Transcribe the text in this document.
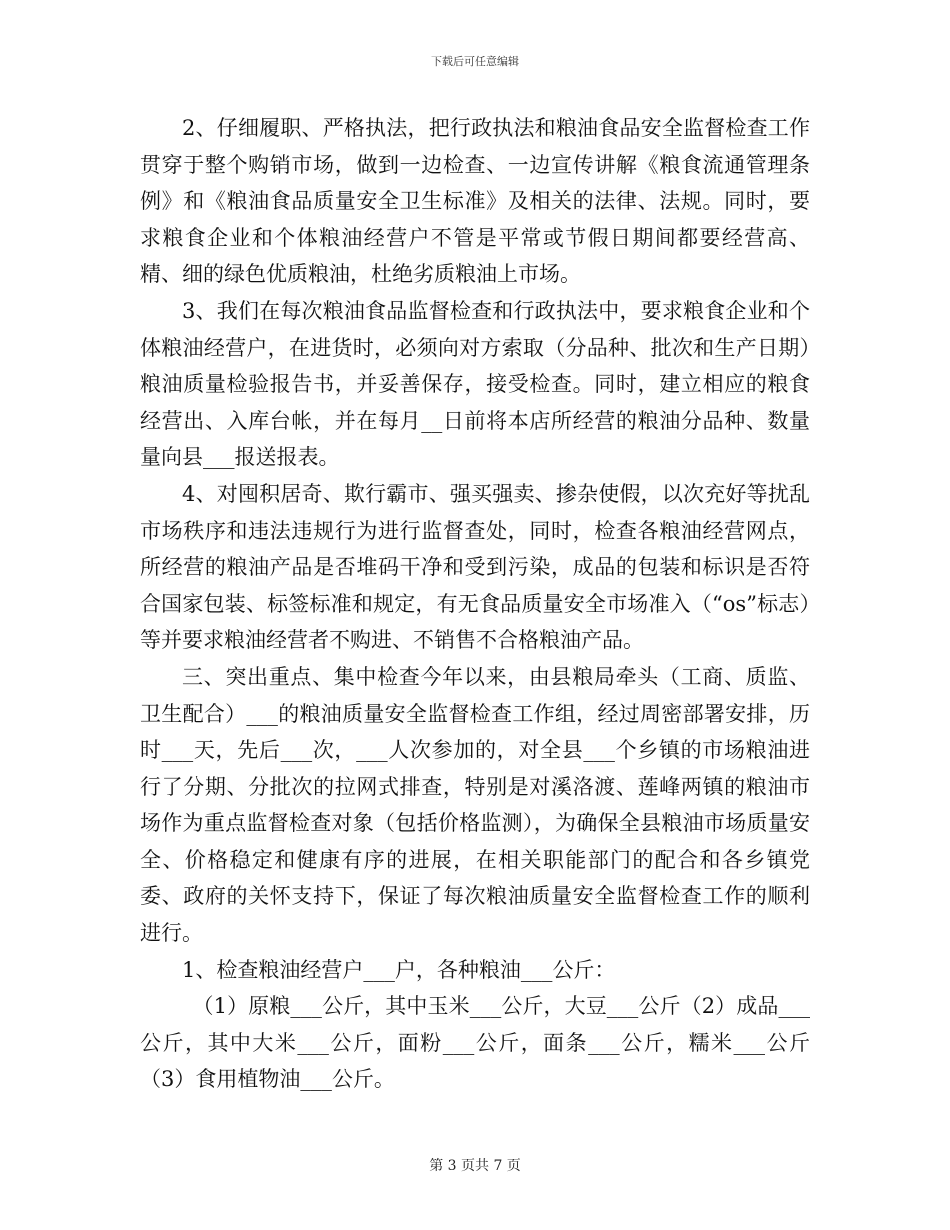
下载后可任意编辑

2、仔细履职、严格执法，把行政执法和粮油食品安全监督检查工作贯穿于整个购销市场，做到一边检查、一边宣传讲解《粮食流通管理条例》和《粮油食品质量安全卫生标准》及相关的法律、法规。同时，要求粮食企业和个体粮油经营户不管是平常或节假日期间都要经营高、精、细的绿色优质粮油，杜绝劣质粮油上市场。

3、我们在每次粮油食品监督检查和行政执法中，要求粮食企业和个体粮油经营户，在进货时，必须向对方索取（分品种、批次和生产日期）粮油质量检验报告书，并妥善保存，接受检查。同时，建立相应的粮食经营出、入库台帐，并在每月__日前将本店所经营的粮油分品种、数量量向县___报送报表。

4、对囤积居奇、欺行霸市、强买强卖、掺杂使假，以次充好等扰乱市场秩序和违法违规行为进行监督查处，同时，检查各粮油经营网点，所经营的粮油产品是否堆码干净和受到污染，成品的包装和标识是否符合国家包装、标签标准和规定，有无食品质量安全市场准入（“os”标志）等并要求粮油经营者不购进、不销售不合格粮油产品。

三、突出重点、集中检查今年以来，由县粮局牵头（工商、质监、卫生配合）___的粮油质量安全监督检查工作组，经过周密部署安排，历时___天，先后___次，___人次参加的，对全县___个乡镇的市场粮油进行了分期、分批次的拉网式排查，特别是对溪洛渡、莲峰两镇的粮油市场作为重点监督检查对象（包括价格监测），为确保全县粮油市场质量安全、价格稳定和健康有序的进展，在相关职能部门的配合和各乡镇党委、政府的关怀支持下，保证了每次粮油质量安全监督检查工作的顺利进行。

1、检查粮油经营户___户，各种粮油___公斤：

（1）原粮___公斤，其中玉米___公斤，大豆___公斤（2）成品___公斤，其中大米___公斤，面粉___公斤，面条___公斤，糯米___公斤（3）食用植物油___公斤。

第 3 页共 7 页
